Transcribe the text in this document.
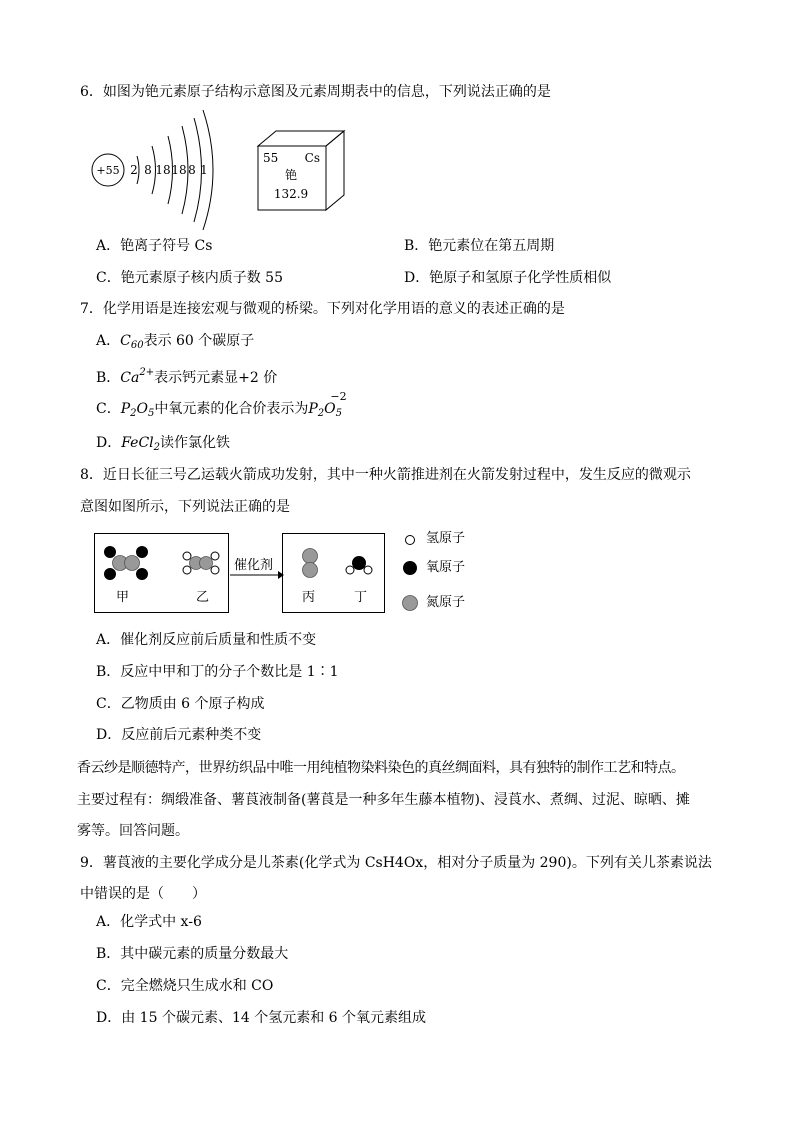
6．如图为铯元素原子结构示意图及元素周期表中的信息，下列说法正确的是
+55 2 8 18 18 8 1
55 Cs
铯
132.9
A．铯离子符号 Cs	B．铯元素位在第五周期
C．铯元素原子核内质子数 55	D．铯原子和氢原子化学性质相似
7．化学用语是连接宏观与微观的桥梁。下列对化学用语的意义的表述正确的是
A．$C_{60}$表示 60 个碳原子
B．$Ca^{2+}$表示钙元素显+2 价
C．$P_2O_5$中氧元素的化合价表示为$P_2O_5$
−2
D．FeCl$_2$读作氯化铁
8．近日长征三号乙运载火箭成功发射，其中一种火箭推进剂在火箭发射过程中，发生反应的微观示
意图如图所示，下列说法正确的是
甲	乙
催化剂
丙	丁
氢原子
氧原子
氮原子
A．催化剂反应前后质量和性质不变
B．反应中甲和丁的分子个数比是 1∶1
C．乙物质由 6 个原子构成
D．反应前后元素种类不变
香云纱是顺德特产，世界纺织品中唯一用纯植物染料染色的真丝绸面料，具有独特的制作工艺和特点。
主要过程有：绸缎准备、薯莨液制备(薯莨是一种多年生藤本植物)、浸莨水、煮绸、过泥、晾晒、摊
雾等。回答问题。
9．薯莨液的主要化学成分是儿茶素(化学式为 CsH4Ox，相对分子质量为 290)。下列有关儿茶素说法
中错误的是（　　）
A．化学式中 x-6
B．其中碳元素的质量分数最大
C．完全燃烧只生成水和 CO
D．由 15 个碳元素、14 个氢元素和 6 个氧元素组成
